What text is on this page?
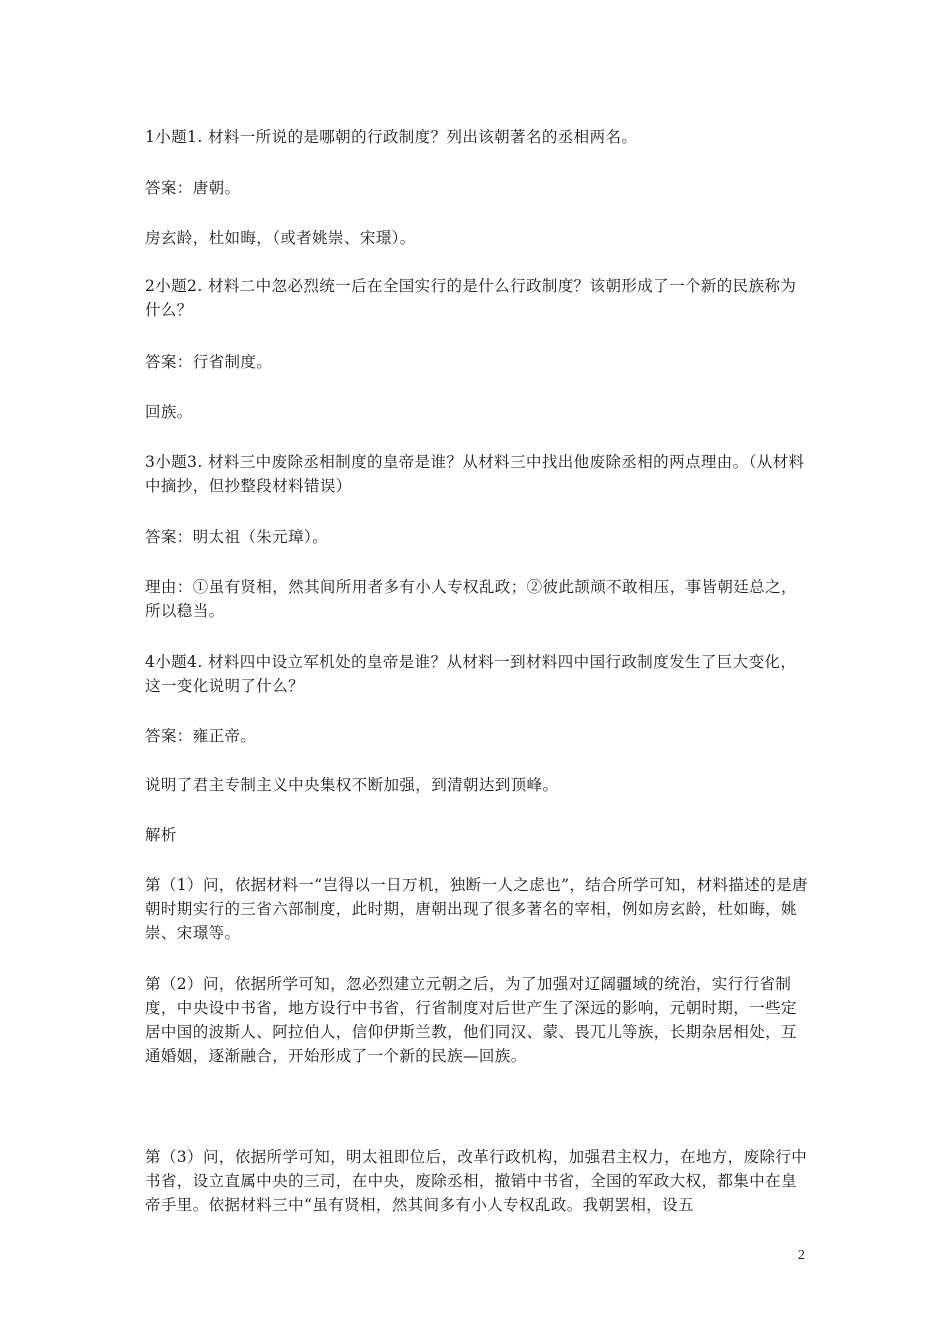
1小题1. 材料一所说的是哪朝的行政制度？列出该朝著名的丞相两名。

答案：唐朝。

房玄龄，杜如晦，（或者姚崇、宋璟）。

2小题2. 材料二中忽必烈统一后在全国实行的是什么行政制度？该朝形成了一个新的民族称为什么？

答案：行省制度。

回族。

3小题3. 材料三中废除丞相制度的皇帝是谁？从材料三中找出他废除丞相的两点理由。（从材料中摘抄，但抄整段材料错误）

答案：明太祖（朱元璋）。

理由：①虽有贤相，然其间所用者多有小人专权乱政；②彼此颉颃不敢相压，事皆朝廷总之，所以稳当。

4小题4. 材料四中设立军机处的皇帝是谁？从材料一到材料四中国行政制度发生了巨大变化，这一变化说明了什么？

答案：雍正帝。

说明了君主专制主义中央集权不断加强，到清朝达到顶峰。

解析

第（1）问，依据材料一“岂得以一日万机，独断一人之虑也”，结合所学可知，材料描述的是唐朝时期实行的三省六部制度，此时期，唐朝出现了很多著名的宰相，例如房玄龄，杜如晦，姚崇、宋璟等。

第（2）问，依据所学可知，忽必烈建立元朝之后，为了加强对辽阔疆域的统治，实行行省制度，中央设中书省，地方设行中书省，行省制度对后世产生了深远的影响，元朝时期，一些定居中国的波斯人、阿拉伯人，信仰伊斯兰教，他们同汉、蒙、畏兀儿等族，长期杂居相处，互通婚姻，逐渐融合，开始形成了一个新的民族—回族。

第（3）问，依据所学可知，明太祖即位后，改革行政机构，加强君主权力，在地方，废除行中书省，设立直属中央的三司，在中央，废除丞相，撤销中书省，全国的军政大权，都集中在皇帝手里。依据材料三中“虽有贤相，然其间多有小人专权乱政。我朝罢相，设五

2
